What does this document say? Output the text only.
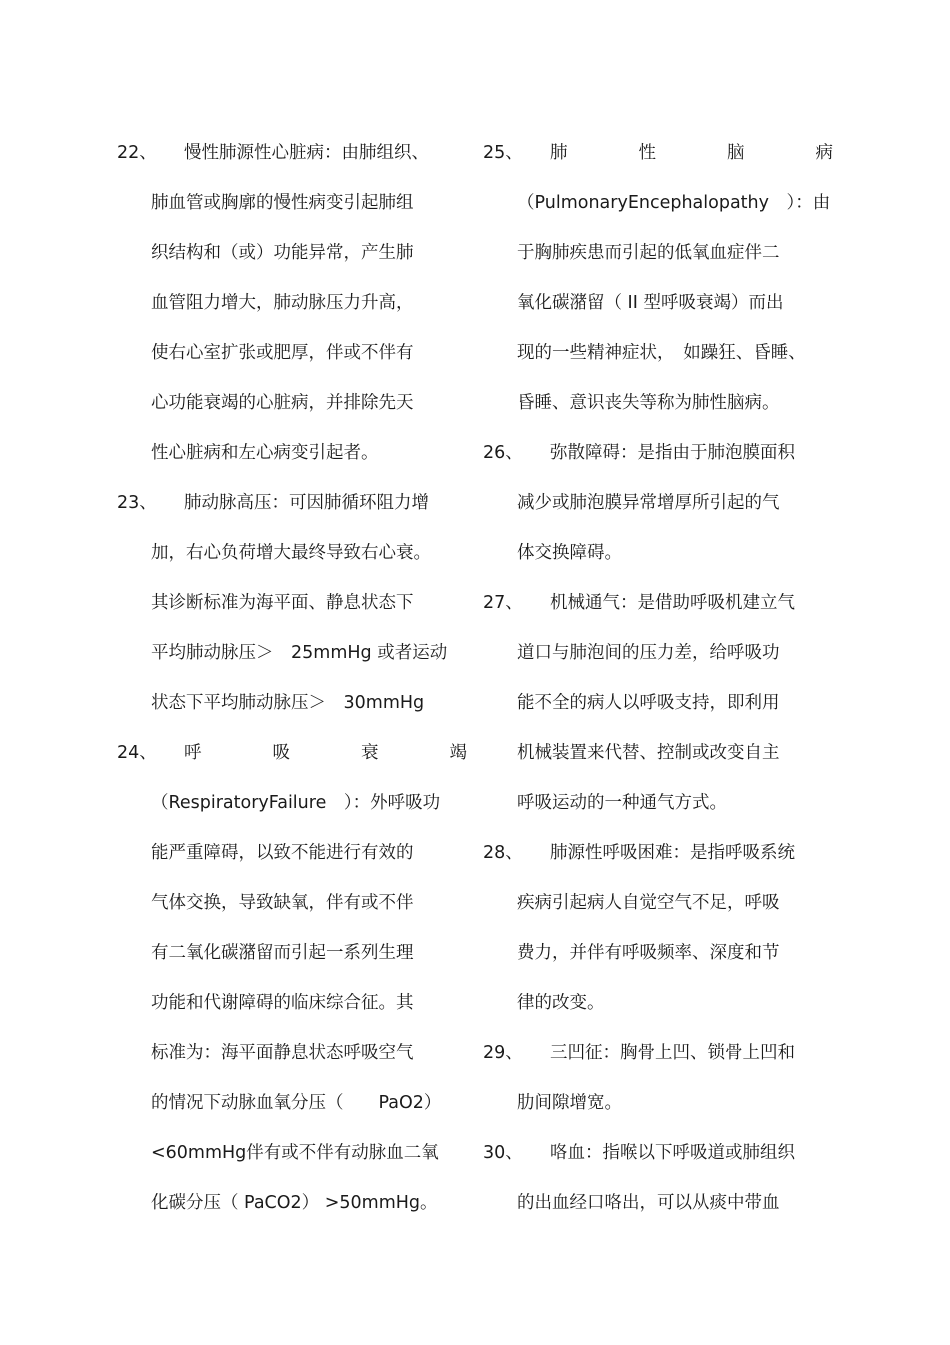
22、	慢性肺源性心脏病：由肺组织、
肺血管或胸廓的慢性病变引起肺组
织结构和（或）功能异常，产生肺
血管阻力增大，肺动脉压力升高，
使右心室扩张或肥厚，伴或不伴有
心功能衰竭的心脏病，并排除先天
性心脏病和左心病变引起者。
23、	肺动脉高压：可因肺循环阻力增
加，右心负荷增大最终导致右心衰。
其诊断标准为海平面、静息状态下
平均肺动脉压＞　25mmHg 或者运动
状态下平均肺动脉压＞　30mmHg
24、	呼	吸	衰	竭
（RespiratoryFailure　）：外呼吸功
能严重障碍，以致不能进行有效的
气体交换，导致缺氧，伴有或不伴
有二氧化碳潴留而引起一系列生理
功能和代谢障碍的临床综合征。其
标准为：海平面静息状态呼吸空气
的情况下动脉血氧分压（　　PaO2）
<60mmHg伴有或不伴有动脉血二氧
化碳分压（ PaCO2） >50mmHg。
25、	肺	性	脑	病
（PulmonaryEncephalopathy　）：由
于胸肺疾患而引起的低氧血症伴二
氧化碳潴留（ II 型呼吸衰竭）而出
现的一些精神症状，　如躁狂、昏睡、
昏睡、意识丧失等称为肺性脑病。
26、	弥散障碍：是指由于肺泡膜面积
减少或肺泡膜异常增厚所引起的气
体交换障碍。
27、	机械通气：是借助呼吸机建立气
道口与肺泡间的压力差，给呼吸功
能不全的病人以呼吸支持，即利用
机械装置来代替、控制或改变自主
呼吸运动的一种通气方式。
28、	肺源性呼吸困难：是指呼吸系统
疾病引起病人自觉空气不足，呼吸
费力，并伴有呼吸频率、深度和节
律的改变。
29、	三凹征：胸骨上凹、锁骨上凹和
肋间隙增宽。
30、	咯血：指喉以下呼吸道或肺组织
的出血经口咯出，可以从痰中带血
